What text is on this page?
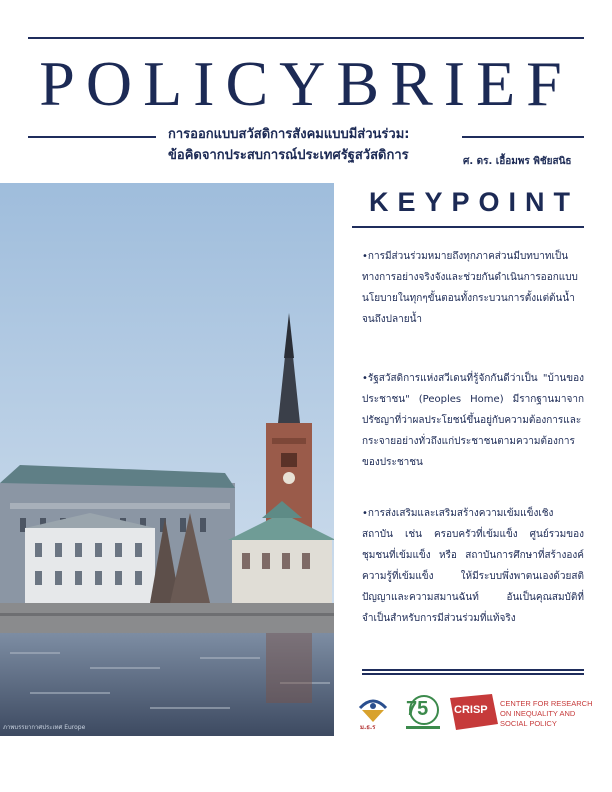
POLICYBRIEF
การออกแบบสวัสดิการสังคมแบบมีส่วนร่วม:
ข้อคิดจากประสบการณ์ประเทศรัฐสวัสดิการ	ศ. ดร. เอื้อมพร พิชัยสนิธ
ภาพบรรยากาศประเทศ Europe
KEYPOINT
•การมีส่วนร่วมหมายถึงทุกภาคส่วนมีบทบาทเป็นทางการอย่างจริงจังและช่วยกันดำเนินการออกแบบนโยบายในทุกๆขั้นตอนทั้งกระบวนการตั้งแต่ต้นน้ำจนถึงปลายน้ำ
•รัฐสวัสดิการแห่งสวีเดนที่รู้จักกันดีว่าเป็น "บ้านของประชาชน" (Peoples Home) มีรากฐานมาจากปรัชญาที่ว่าผลประโยชน์ขึ้นอยู่กับความต้องการและกระจายอย่างทั่วถึงแก่ประชาชนตามความต้องการของประชาชน
•การส่งเสริมและเสริมสร้างความเข้มแข็งเชิงสถาบัน เช่น ครอบครัวที่เข้มแข็ง ศูนย์รวมของชุมชนที่เข้มแข็ง หรือ สถาบันการศึกษาที่สร้างองค์ความรู้ที่เข้มแข็ง ให้มีระบบพึ่งพาตนเองด้วยสติปัญญาและความสมานฉันท์ อันเป็นคุณสมบัติที่จำเป็นสำหรับการมีส่วนร่วมที่แท้จริง
ม.ธ.ร
75 CRISP
CENTER FOR RESEARCH
ON INEQUALITY AND
SOCIAL POLICY
